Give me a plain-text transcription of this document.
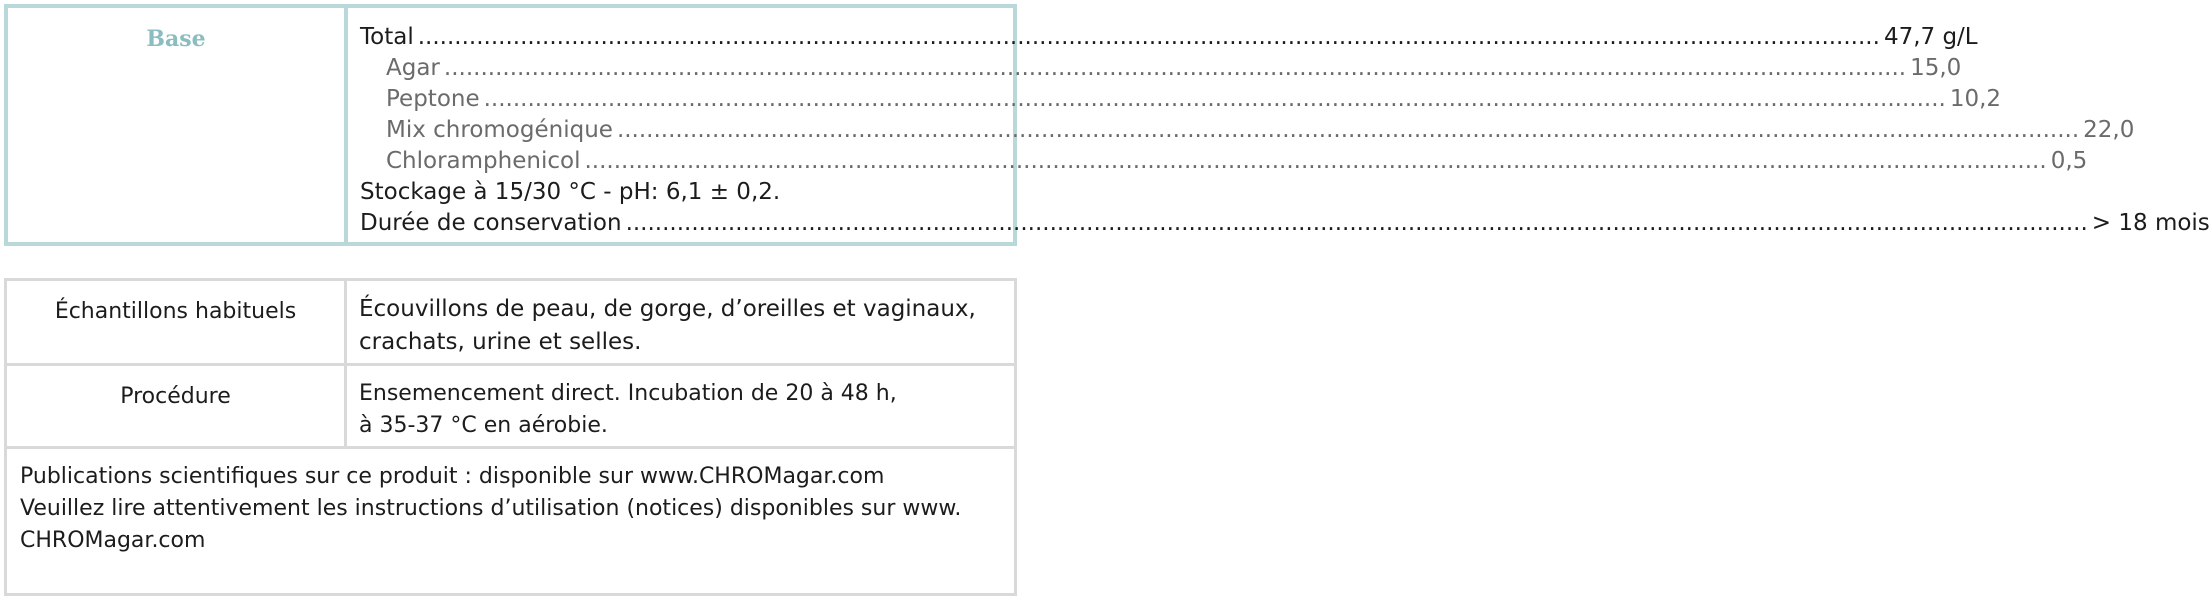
Base	Total ........................................................................................................................................................................................................ 47,7 g/L
Agar ........................................................................................................................................................................................................ 15,0
Peptone ........................................................................................................................................................................................................ 10,2
Mix chromogénique ........................................................................................................................................................................................................ 22,0
Chloramphenicol ........................................................................................................................................................................................................ 0,5
Stockage à 15/30 °C - pH: 6,1 ± 0,2.
Durée de conservation ........................................................................................................................................................................................................ > 18 mois
Échantillons habituels	Écouvillons de peau, de gorge, d’oreilles et vaginaux,
crachats, urine et selles.
Procédure	Ensemencement direct. Incubation de 20 à 48 h,
à 35-37 °C en aérobie.
Publications scientifiques sur ce produit : disponible sur www.CHROMagar.com
Veuillez lire attentivement les instructions d’utilisation (notices) disponibles sur www.
CHROMagar.com
